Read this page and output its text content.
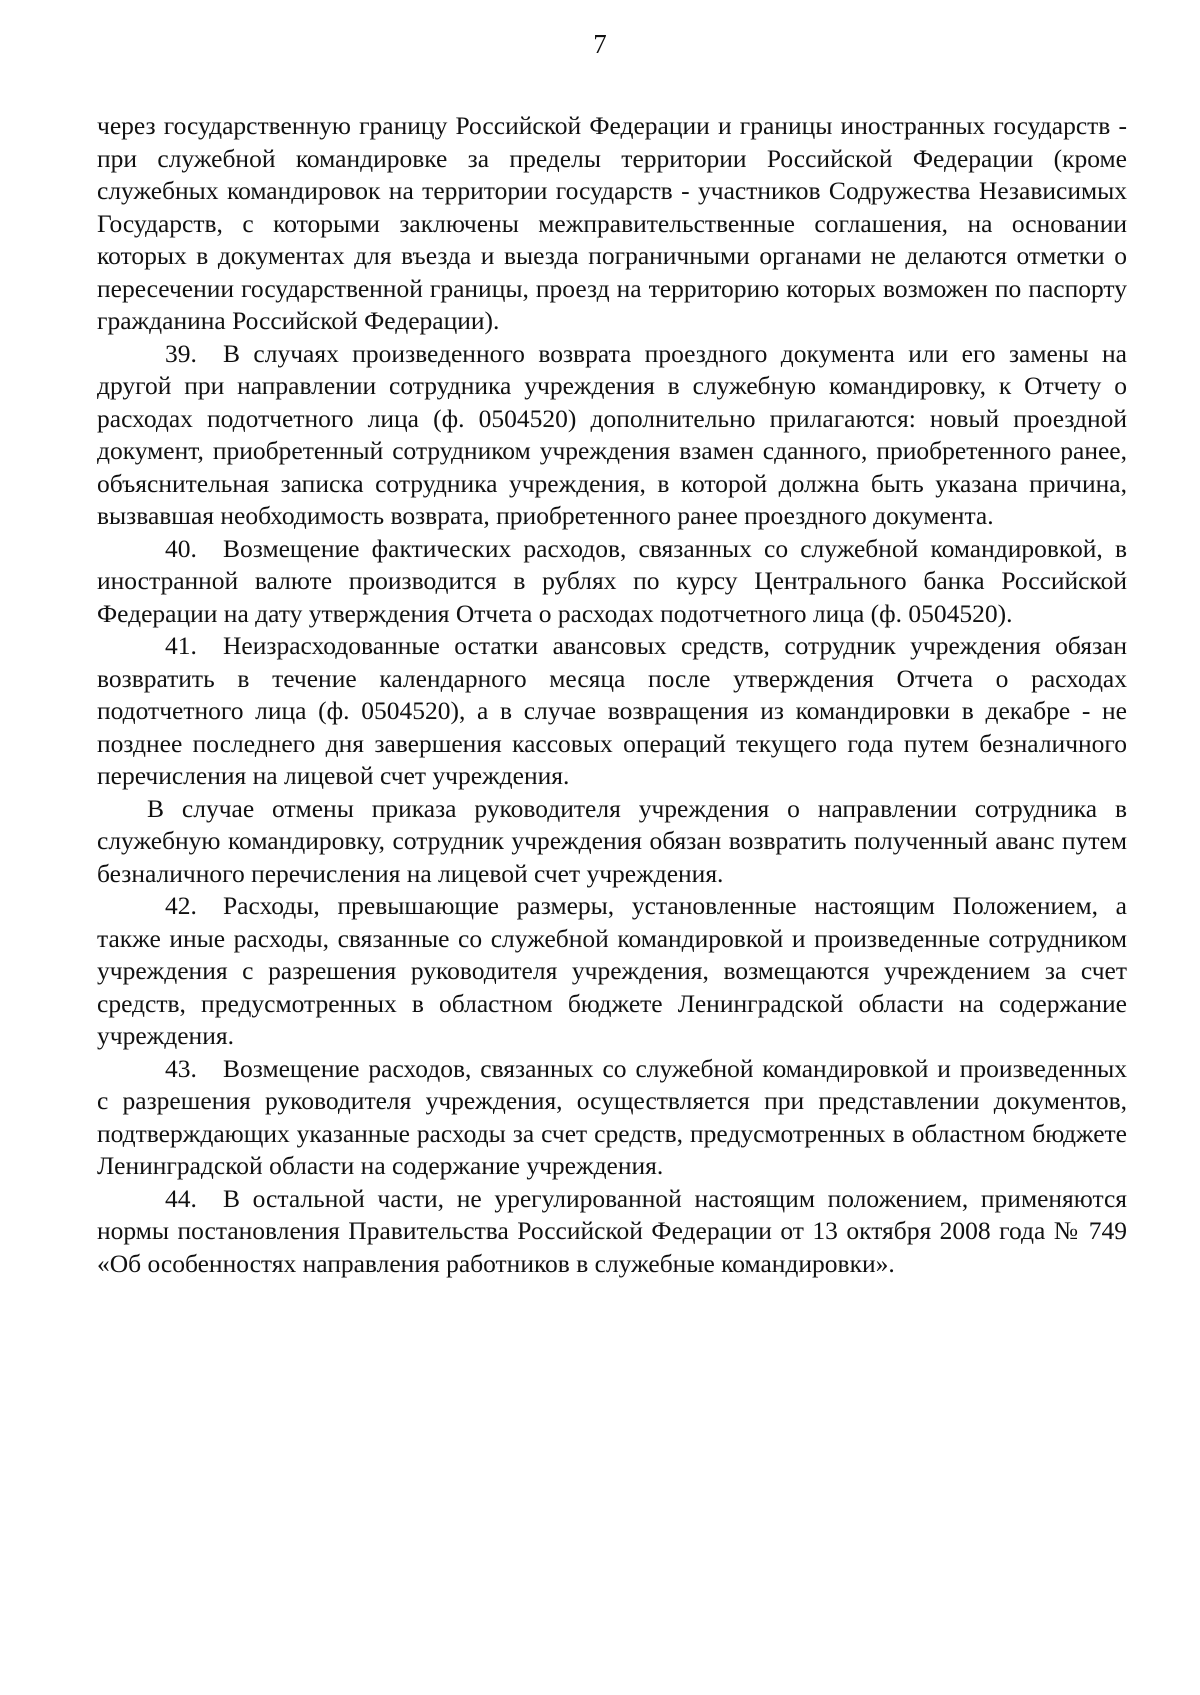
7

через государственную границу Российской Федерации и границы иностранных государств - при служебной командировке за пределы территории Российской Федерации (кроме служебных командировок на территории государств - участников Содружества Независимых Государств, с которыми заключены межправительственные соглашения, на основании которых в документах для въезда и выезда пограничными органами не делаются отметки о пересечении государственной границы, проезд на территорию которых возможен по паспорту гражданина Российской Федерации).

39. В случаях произведенного возврата проездного документа или его замены на другой при направлении сотрудника учреждения в служебную командировку, к Отчету о расходах подотчетного лица (ф. 0504520) дополнительно прилагаются: новый проездной документ, приобретенный сотрудником учреждения взамен сданного, приобретенного ранее, объяснительная записка сотрудника учреждения, в которой должна быть указана причина, вызвавшая необходимость возврата, приобретенного ранее проездного документа.

40. Возмещение фактических расходов, связанных со служебной командировкой, в иностранной валюте производится в рублях по курсу Центрального банка Российской Федерации на дату утверждения Отчета о расходах подотчетного лица (ф. 0504520).

41. Неизрасходованные остатки авансовых средств, сотрудник учреждения обязан возвратить в течение календарного месяца после утверждения Отчета о расходах подотчетного лица (ф. 0504520), а в случае возвращения из командировки в декабре - не позднее последнего дня завершения кассовых операций текущего года путем безналичного перечисления на лицевой счет учреждения.

В случае отмены приказа руководителя учреждения о направлении сотрудника в служебную командировку, сотрудник учреждения обязан возвратить полученный аванс путем безналичного перечисления на лицевой счет учреждения.

42. Расходы, превышающие размеры, установленные настоящим Положением, а также иные расходы, связанные со служебной командировкой и произведенные сотрудником учреждения с разрешения руководителя учреждения, возмещаются учреждением за счет средств, предусмотренных в областном бюджете Ленинградской области на содержание учреждения.

43. Возмещение расходов, связанных со служебной командировкой и произведенных с разрешения руководителя учреждения, осуществляется при представлении документов, подтверждающих указанные расходы за счет средств, предусмотренных в областном бюджете Ленинградской области на содержание учреждения.

44. В остальной части, не урегулированной настоящим положением, применяются нормы постановления Правительства Российской Федерации от 13 октября 2008 года № 749 «Об особенностях направления работников в служебные командировки».
